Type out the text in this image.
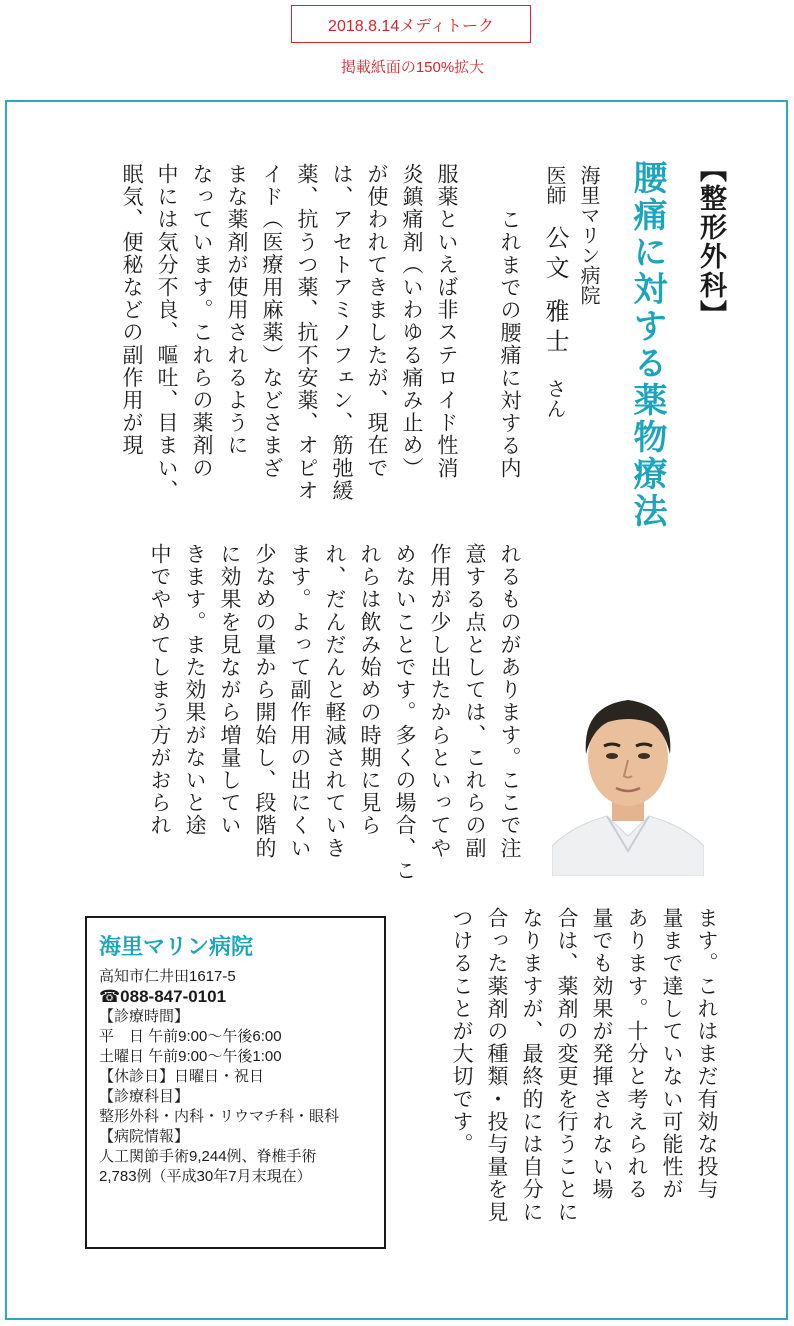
2018.8.14メディトーク
掲載紙面の150%拡大
【整形外科】
腰痛に対する薬物療法
海里マリン病院
医師　公文 雅士　さん
　これまでの腰痛に対する内
服薬といえば非ステロイド性消
炎鎮痛剤（いわゆる痛み止め）
が使われてきましたが、現在で
は、アセトアミノフェン、筋弛緩
薬、抗うつ薬、抗不安薬、オピオ
イド（医療用麻薬）などさまざ
まな薬剤が使用されるように
なっています。これらの薬剤の
中には気分不良、嘔吐、目まい、
眠気、便秘などの副作用が現
れるものがあります。ここで注
意する点としては、これらの副
作用が少し出たからといってや
めないことです。多くの場合、こ
れらは飲み始めの時期に見ら
れ、だんだんと軽減されていき
ます。よって副作用の出にくい
少なめの量から開始し、段階的
に効果を見ながら増量してい
きます。また効果がないと途
中でやめてしまう方がおられ
ます。これはまだ有効な投与
量まで達していない可能性が
あります。十分と考えられる
量でも効果が発揮されない場
合は、薬剤の変更を行うことに
なりますが、最終的には自分に
合った薬剤の種類・投与量を見
つけることが大切です。
海里マリン病院
高知市仁井田1617-5
☎088-847-0101
【診療時間】
平　日 午前9:00～午後6:00
土曜日 午前9:00～午後1:00
【休診日】日曜日・祝日
【診療科目】
整形外科・内科・リウマチ科・眼科
【病院情報】
人工関節手術9,244例、脊椎手術
2,783例（平成30年7月末現在）
